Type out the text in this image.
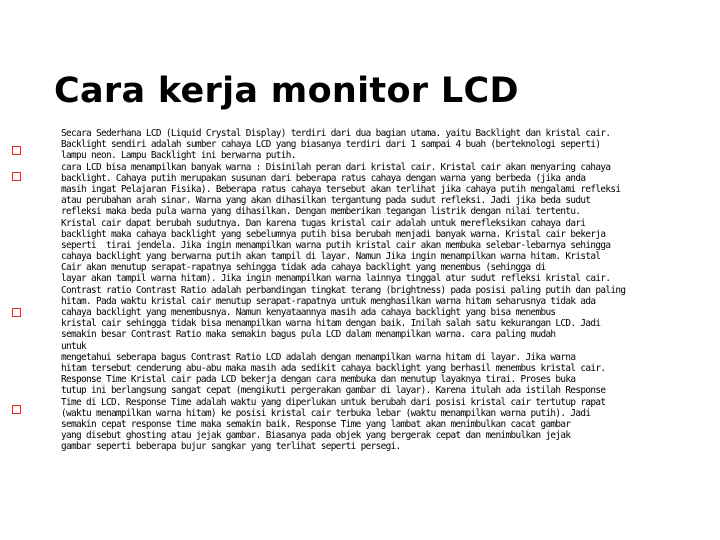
Cara kerja monitor LCD
Secara Sederhana LCD (Liquid Crystal Display) terdiri dari dua bagian utama. yaitu Backlight dan kristal cair.
Backlight sendiri adalah sumber cahaya LCD yang biasanya terdiri dari 1 sampai 4 buah (berteknologi seperti)
lampu neon. Lampu Backlight ini berwarna putih.
cara LCD bisa menampilkan banyak warna : Disinilah peran dari kristal cair. Kristal cair akan menyaring cahaya
backlight. Cahaya putih merupakan susunan dari beberapa ratus cahaya dengan warna yang berbeda (jika anda
masih ingat Pelajaran Fisika). Beberapa ratus cahaya tersebut akan terlihat jika cahaya putih mengalami refleksi
atau perubahan arah sinar. Warna yang akan dihasilkan tergantung pada sudut refleksi. Jadi jika beda sudut
refleksi maka beda pula warna yang dihasilkan. Dengan memberikan tegangan listrik dengan nilai tertentu.
Kristal cair dapat berubah sudutnya. Dan karena tugas kristal cair adalah untuk merefleksikan cahaya dari
backlight maka cahaya backlight yang sebelumnya putih bisa berubah menjadi banyak warna. Kristal cair bekerja
seperti  tirai jendela. Jika ingin menampilkan warna putih kristal cair akan membuka selebar-lebarnya sehingga
cahaya backlight yang berwarna putih akan tampil di layar. Namun Jika ingin menampilkan warna hitam. Kristal
Cair akan menutup serapat-rapatnya sehingga tidak ada cahaya backlight yang menembus (sehingga di
layar akan tampil warna hitam). Jika ingin menampilkan warna lainnya tinggal atur sudut refleksi kristal cair.
Contrast ratio Contrast Ratio adalah perbandingan tingkat terang (brightness) pada posisi paling putih dan paling
hitam. Pada waktu kristal cair menutup serapat-rapatnya untuk menghasilkan warna hitam seharusnya tidak ada
cahaya backlight yang menembusnya. Namun kenyataannya masih ada cahaya backlight yang bisa menembus
kristal cair sehingga tidak bisa menampilkan warna hitam dengan baik. Inilah salah satu kekurangan LCD. Jadi
semakin besar Contrast Ratio maka semakin bagus pula LCD dalam menampilkan warna. cara paling mudah
untuk
mengetahui seberapa bagus Contrast Ratio LCD adalah dengan menampilkan warna hitam di layar. Jika warna
hitam tersebut cenderung abu-abu maka masih ada sedikit cahaya backlight yang berhasil menembus kristal cair.
Response Time Kristal cair pada LCD bekerja dengan cara membuka dan menutup layaknya tirai. Proses buka
tutup ini berlangsung sangat cepat (mengikuti pergerakan gambar di layar). Karena itulah ada istilah Response
Time di LCD. Response Time adalah waktu yang diperlukan untuk berubah dari posisi kristal cair tertutup rapat
(waktu menampilkan warna hitam) ke posisi kristal cair terbuka lebar (waktu menampilkan warna putih). Jadi
semakin cepat response time maka semakin baik. Response Time yang lambat akan menimbulkan cacat gambar
yang disebut ghosting atau jejak gambar. Biasanya pada objek yang bergerak cepat dan menimbulkan jejak
gambar seperti beberapa bujur sangkar yang terlihat seperti persegi.
